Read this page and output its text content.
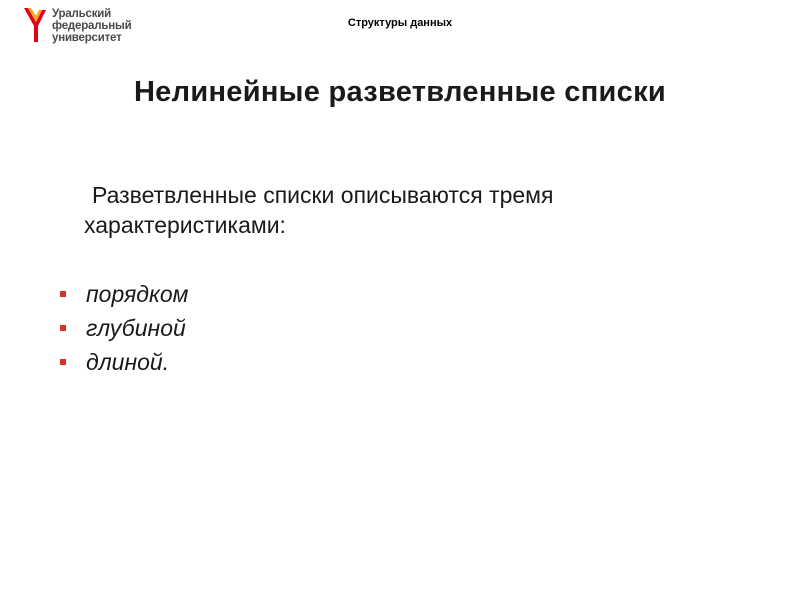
Уральский
федеральный
университет
Структуры данных
Нелинейные разветвленные списки
Разветвленные списки описываются тремя характеристиками:
порядком
глубиной
длиной.
